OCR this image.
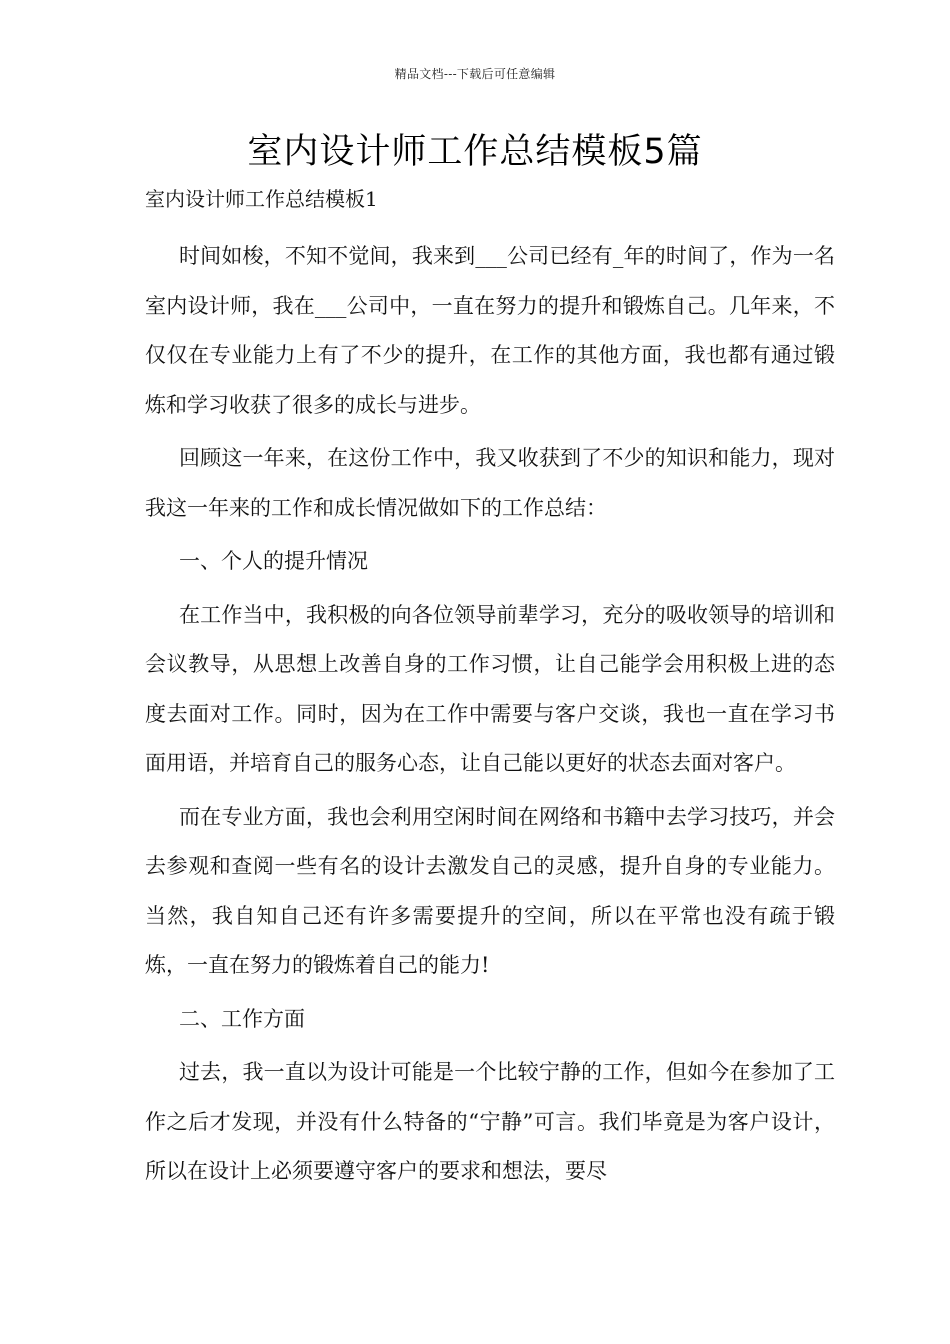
精品文档---下载后可任意编辑
室内设计师工作总结模板5篇
室内设计师工作总结模板1

时间如梭，不知不觉间，我来到___公司已经有_年的时间了，作为一名室内设计师，我在___公司中，一直在努力的提升和锻炼自己。几年来，不仅仅在专业能力上有了不少的提升，在工作的其他方面，我也都有通过锻炼和学习收获了很多的成长与进步。

回顾这一年来，在这份工作中，我又收获到了不少的知识和能力，现对我这一年来的工作和成长情况做如下的工作总结：

一、个人的提升情况

在工作当中，我积极的向各位领导前辈学习，充分的吸收领导的培训和会议教导，从思想上改善自身的工作习惯，让自己能学会用积极上进的态度去面对工作。同时，因为在工作中需要与客户交谈，我也一直在学习书面用语，并培育自己的服务心态，让自己能以更好的状态去面对客户。

而在专业方面，我也会利用空闲时间在网络和书籍中去学习技巧，并会去参观和查阅一些有名的设计去激发自己的灵感，提升自身的专业能力。当然，我自知自己还有许多需要提升的空间，所以在平常也没有疏于锻炼，一直在努力的锻炼着自己的能力!

二、工作方面

过去，我一直以为设计可能是一个比较宁静的工作，但如今在参加了工作之后才发现，并没有什么特备的“宁静”可言。我们毕竟是为客户设计，所以在设计上必须要遵守客户的要求和想法，要尽
